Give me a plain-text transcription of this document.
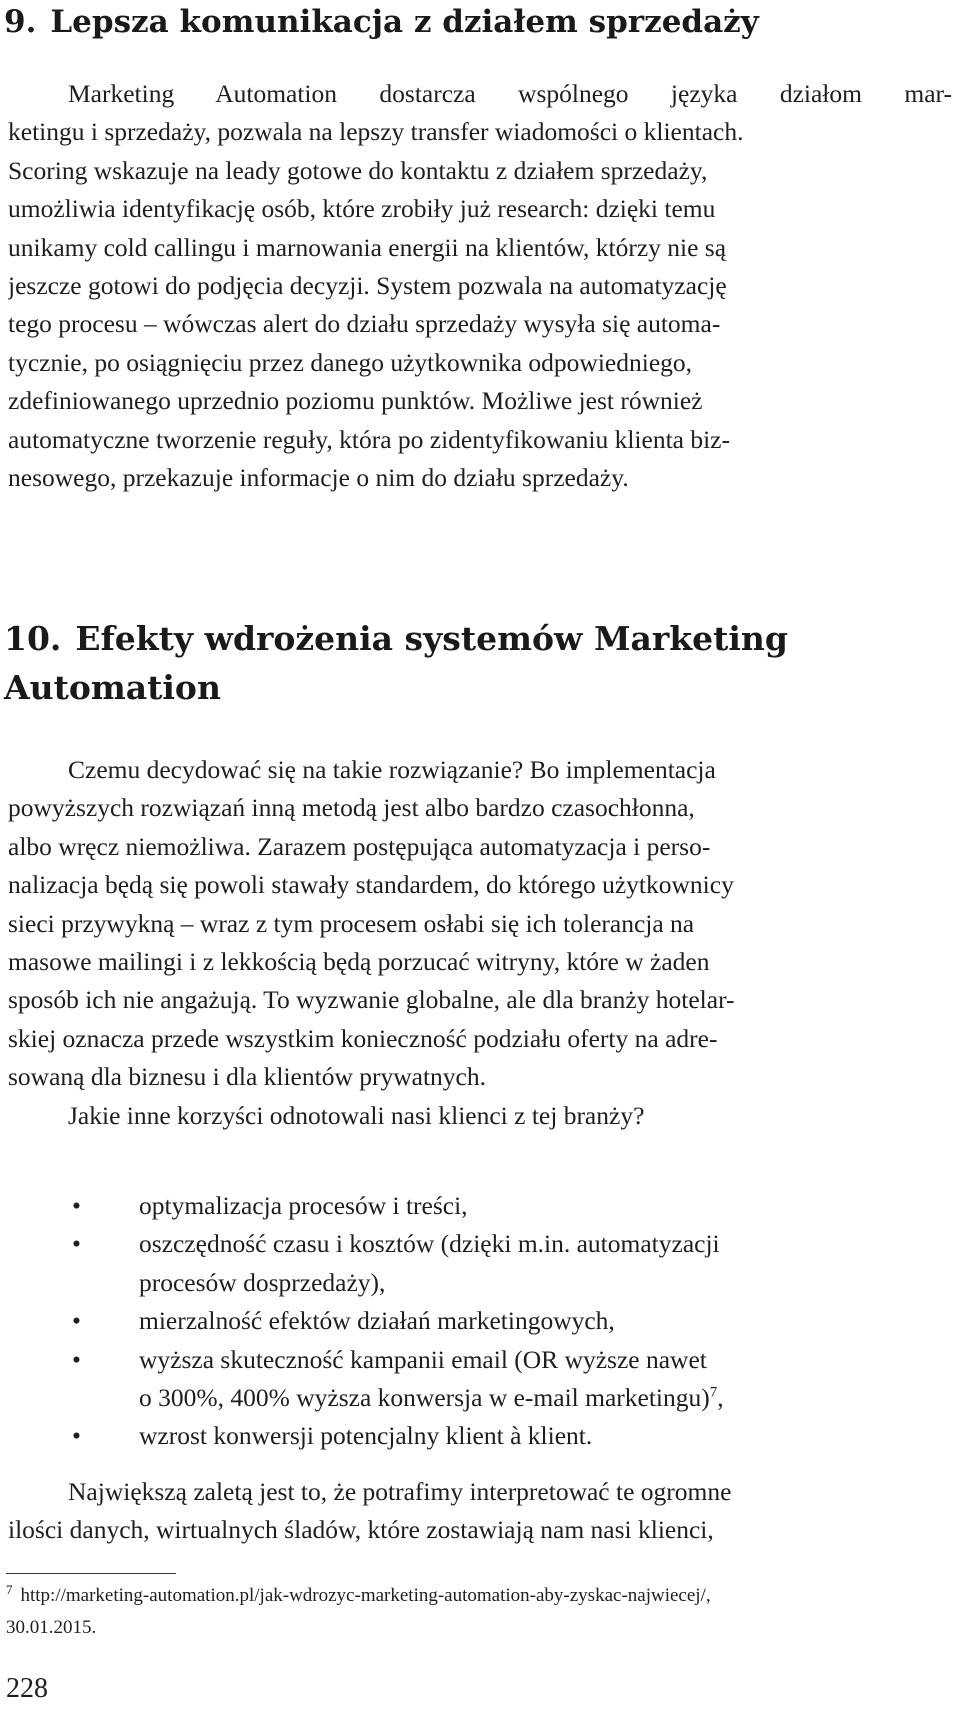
9. Lepsza komunikacja z działem sprzedaży
Marketing Automation dostarcza wspólnego języka działom mar-
ketingu i sprzedaży, pozwala na lepszy transfer wiadomości o klientach.
Scoring wskazuje na leady gotowe do kontaktu z działem sprzedaży,
umożliwia identyfikację osób, które zrobiły już research: dzięki temu
unikamy cold callingu i marnowania energii na klientów, którzy nie są
jeszcze gotowi do podjęcia decyzji. System pozwala na automatyzację
tego procesu – wówczas alert do działu sprzedaży wysyła się automa-
tycznie, po osiągnięciu przez danego użytkownika odpowiedniego,
zdefiniowanego uprzednio poziomu punktów. Możliwe jest również
automatyczne tworzenie reguły, która po zidentyfikowaniu klienta biz-
nesowego, przekazuje informacje o nim do działu sprzedaży.
10. Efekty wdrożenia systemów Marketing Automation
Czemu decydować się na takie rozwiązanie? Bo implementacja
powyższych rozwiązań inną metodą jest albo bardzo czasochłonna,
albo wręcz niemożliwa. Zarazem postępująca automatyzacja i perso-
nalizacja będą się powoli stawały standardem, do którego użytkownicy
sieci przywykną – wraz z tym procesem osłabi się ich tolerancja na
masowe mailingi i z lekkością będą porzucać witryny, które w żaden
sposób ich nie angażują. To wyzwanie globalne, ale dla branży hotelar-
skiej oznacza przede wszystkim konieczność podziału oferty na adre-
sowaną dla biznesu i dla klientów prywatnych.
Jakie inne korzyści odnotowali nasi klienci z tej branży?
• optymalizacja procesów i treści,
• oszczędność czasu i kosztów (dzięki m.in. automatyzacji
procesów dosprzedaży),
• mierzalność efektów działań marketingowych,
• wyższa skuteczność kampanii email (OR wyższe nawet
o 300%, 400% wyższa konwersja w e-mail marketingu)$^7$,
• wzrost konwersji potencjalny klient à klient.
Największą zaletą jest to, że potrafimy interpretować te ogromne
ilości danych, wirtualnych śladów, które zostawiają nam nasi klienci,
$^7$ http://marketing-automation.pl/jak-wdrozyc-marketing-automation-aby-zyskac-najwiecej/,
30.01.2015.
228
